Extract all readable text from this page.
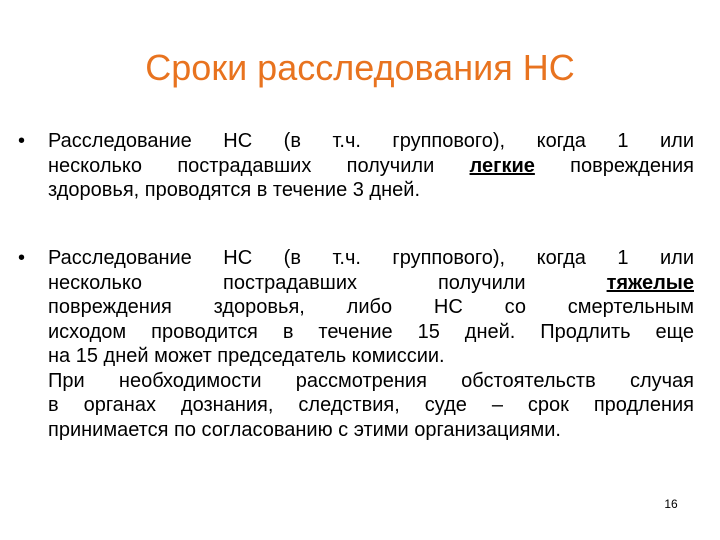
Сроки расследования НС
• Расследование НС (в т.ч. группового), когда 1 или

несколько пострадавших получили легкие повреждения

здоровья, проводятся в течение 3 дней.

• Расследование НС (в т.ч. группового), когда 1 или

несколько пострадавших получили тяжелые

повреждения здоровья, либо НС со смертельным

исходом проводится в течение 15 дней. Продлить еще

на 15 дней может председатель комиссии.

При необходимости рассмотрения обстоятельств случая

в органах дознания, следствия, суде – срок продления

принимается по согласованию с этими организациями.

16
